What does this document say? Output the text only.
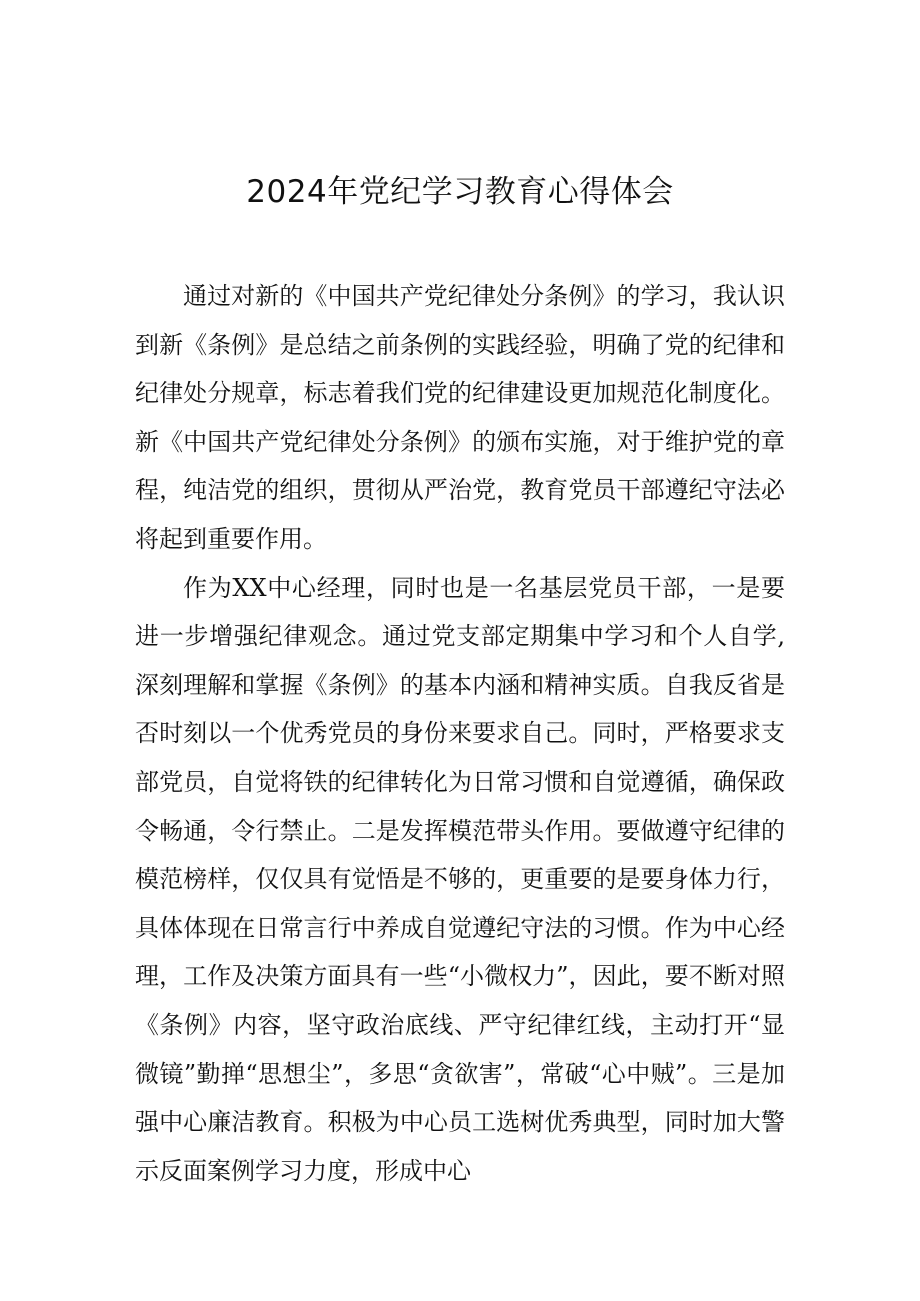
2024年党纪学习教育心得体会

通过对新的《中国共产党纪律处分条例》的学习，我认识到新《条例》是总结之前条例的实践经验，明确了党的纪律和纪律处分规章，标志着我们党的纪律建设更加规范化制度化。新《中国共产党纪律处分条例》的颁布实施，对于维护党的章程，纯洁党的组织，贯彻从严治党，教育党员干部遵纪守法必将起到重要作用。

作为XX中心经理，同时也是一名基层党员干部，一是要进一步增强纪律观念。通过党支部定期集中学习和个人自学,深刻理解和掌握《条例》的基本内涵和精神实质。自我反省是否时刻以一个优秀党员的身份来要求自己。同时，严格要求支部党员，自觉将铁的纪律转化为日常习惯和自觉遵循，确保政令畅通，令行禁止。二是发挥模范带头作用。要做遵守纪律的模范榜样，仅仅具有觉悟是不够的，更重要的是要身体力行，具体体现在日常言行中养成自觉遵纪守法的习惯。作为中心经理，工作及决策方面具有一些“小微权力”，因此，要不断对照《条例》内容，坚守政治底线、严守纪律红线，主动打开“显微镜”勤掸“思想尘”，多思“贪欲害”，常破“心中贼”。三是加强中心廉洁教育。积极为中心员工选树优秀典型，同时加大警示反面案例学习力度，形成中心
